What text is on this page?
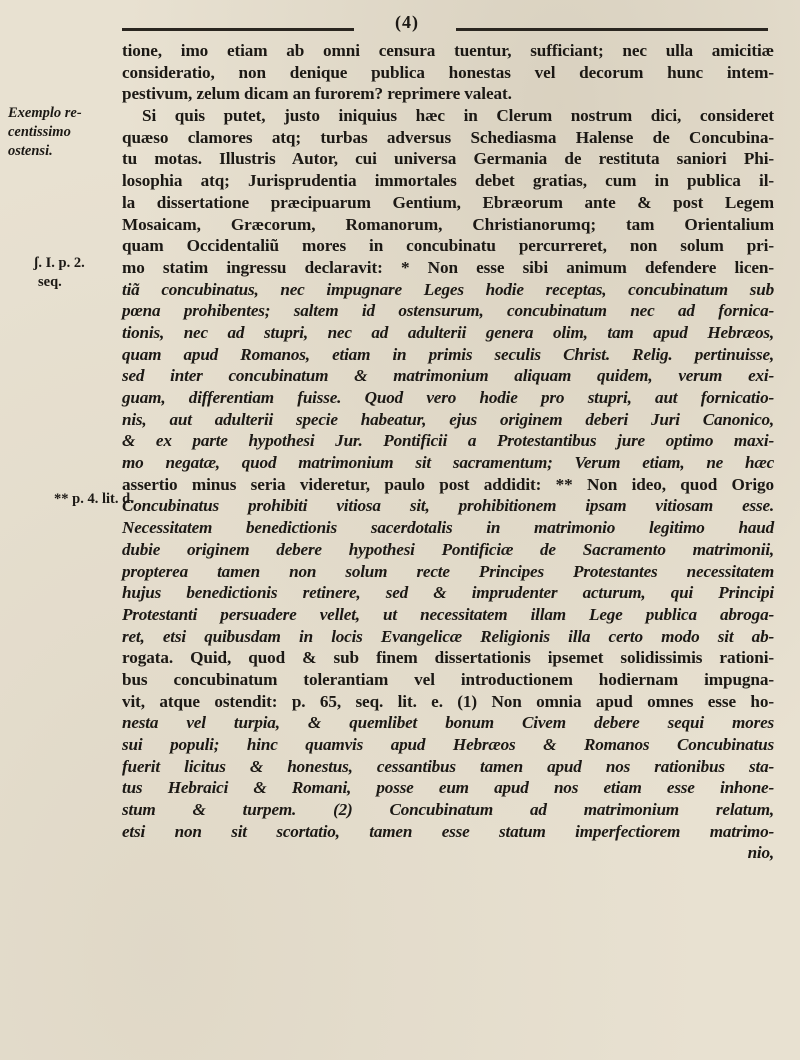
(4)
Exemplo re-
centissimo
ostensi.
ʃ. I. p. 2.
seq.
** p. 4. lit. d.
tione, imo etiam ab omni censura tuentur, sufficiant; nec ulla amicitiæ
consideratio, non denique publica honestas vel decorum hunc intem-
pestivum, zelum dicam an furorem? reprimere valeat.
Si quis putet, justo iniquius hæc in Clerum nostrum dici, consideret
quæso clamores atq; turbas adversus Schediasma Halense de Concubina-
tu motas. Illustris Autor, cui universa Germania de restituta saniori Phi-
losophia atq; Jurisprudentia immortales debet gratias, cum in publica il-
la dissertatione præcipuarum Gentium, Ebræorum ante & post Legem
Mosaicam, Græcorum, Romanorum, Christianorumq; tam Orientalium
quam Occidentaliũ mores in concubinatu percurreret, non solum pri-
mo statim ingressu declaravit: * Non esse sibi animum defendere licen-
tiã concubinatus, nec impugnare Leges hodie receptas, concubinatum sub
pœna prohibentes; saltem id ostensurum, concubinatum nec ad fornica-
tionis, nec ad stupri, nec ad adulterii genera olim, tam apud Hebræos,
quam apud Romanos, etiam in primis seculis Christ. Relig. pertinuisse,
sed inter concubinatum & matrimonium aliquam quidem, verum exi-
guam, differentiam fuisse. Quod vero hodie pro stupri, aut fornicatio-
nis, aut adulterii specie habeatur, ejus originem deberi Juri Canonico,
& ex parte hypothesi Jur. Pontificii a Protestantibus jure optimo maxi-
mo negatæ, quod matrimonium sit sacramentum; Verum etiam, ne hæc
assertio minus seria videretur, paulo post addidit: ** Non ideo, quod Origo
Concubinatus prohibiti vitiosa sit, prohibitionem ipsam vitiosam esse.
Necessitatem benedictionis sacerdotalis in matrimonio legitimo haud
dubie originem debere hypothesi Pontificiæ de Sacramento matrimonii,
propterea tamen non solum recte Principes Protestantes necessitatem
hujus benedictionis retinere, sed & imprudenter acturum, qui Principi
Protestanti persuadere vellet, ut necessitatem illam Lege publica abroga-
ret, etsi quibusdam in locis Evangelicæ Religionis illa certo modo sit ab-
rogata. Quid, quod & sub finem dissertationis ipsemet solidissimis rationi-
bus concubinatum tolerantiam vel introductionem hodiernam impugna-
vit, atque ostendit: p. 65, seq. lit. e. (1) Non omnia apud omnes esse ho-
nesta vel turpia, & quemlibet bonum Civem debere sequi mores
sui populi; hinc quamvis apud Hebræos & Romanos Concubinatus
fuerit licitus & honestus, cessantibus tamen apud nos rationibus sta-
tus Hebraici & Romani, posse eum apud nos etiam esse inhone-
stum & turpem. (2) Concubinatum ad matrimonium relatum,
etsi non sit scortatio, tamen esse statum imperfectiorem matrimo-
nio,
